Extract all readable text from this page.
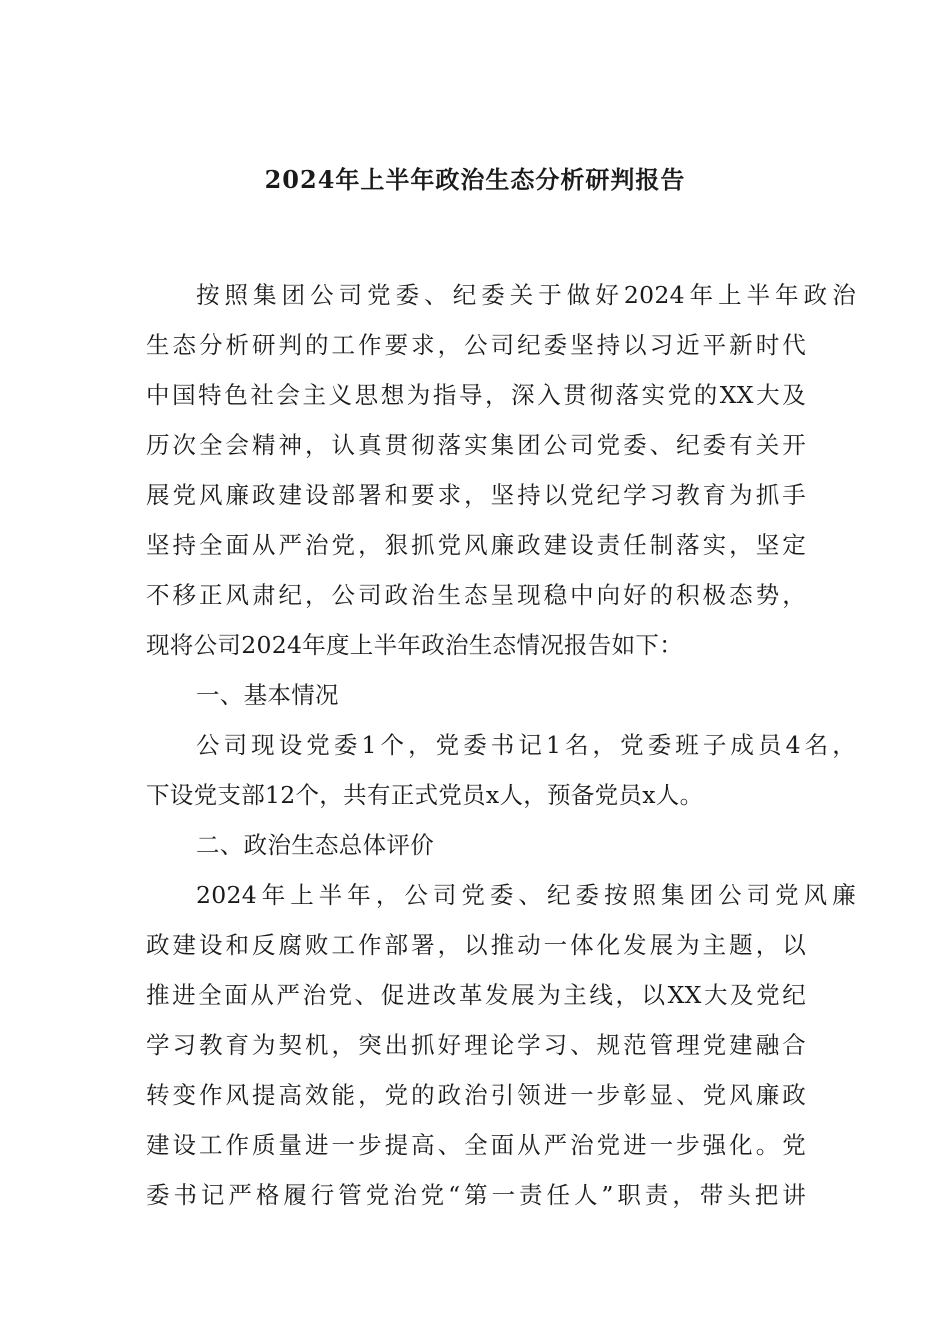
2024年上半年政治生态分析研判报告
按照集团公司党委、纪委关于做好2024年上半年政治
生态分析研判的工作要求，公司纪委坚持以习近平新时代
中国特色社会主义思想为指导，深入贯彻落实党的XX大及
历次全会精神，认真贯彻落实集团公司党委、纪委有关开
展党风廉政建设部署和要求，坚持以党纪学习教育为抓手
坚持全面从严治党，狠抓党风廉政建设责任制落实，坚定
不移正风肃纪，公司政治生态呈现稳中向好的积极态势，
现将公司2024年度上半年政治生态情况报告如下：
一、基本情况
公司现设党委1个，党委书记1名，党委班子成员4名，
下设党支部12个，共有正式党员x人，预备党员x人。
二、政治生态总体评价
2024年上半年，公司党委、纪委按照集团公司党风廉
政建设和反腐败工作部署，以推动一体化发展为主题，以
推进全面从严治党、促进改革发展为主线，以XX大及党纪
学习教育为契机，突出抓好理论学习、规范管理党建融合
转变作风提高效能，党的政治引领进一步彰显、党风廉政
建设工作质量进一步提高、全面从严治党进一步强化。党
委书记严格履行管党治党“第一责任人”职责，带头把讲
